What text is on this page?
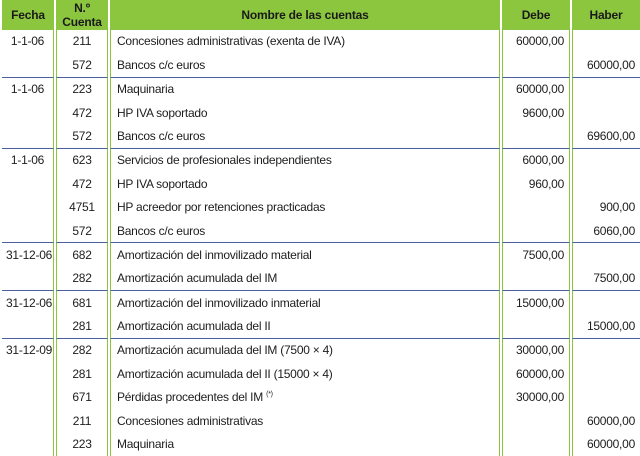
Fecha	N.º Cuenta	Nombre de las cuentas	Debe	Haber
1-1-06	211	Concesiones administrativas (exenta de IVA)	60000,00	
	572	Bancos c/c euros		60000,00
1-1-06	223	Maquinaria	60000,00	
	472	HP IVA soportado	9600,00	
	572	Bancos c/c euros		69600,00
1-1-06	623	Servicios de profesionales independientes	6000,00	
	472	HP IVA soportado	960,00	
	4751	HP acreedor por retenciones practicadas		900,00
	572	Bancos c/c euros		6060,00
31-12-06	682	Amortización del inmovilizado material	7500,00	
	282	Amortización acumulada del IM		7500,00
31-12-06	681	Amortización del inmovilizado inmaterial	15000,00	
	281	Amortización acumulada del II		15000,00
31-12-09	282	Amortización acumulada del IM (7500 × 4)	30000,00	
	281	Amortización acumulada del II (15000 × 4)	60000,00	
	671	Pérdidas procedentes del IM (*)	30000,00	
	211	Concesiones administrativas		60000,00
	223	Maquinaria		60000,00
